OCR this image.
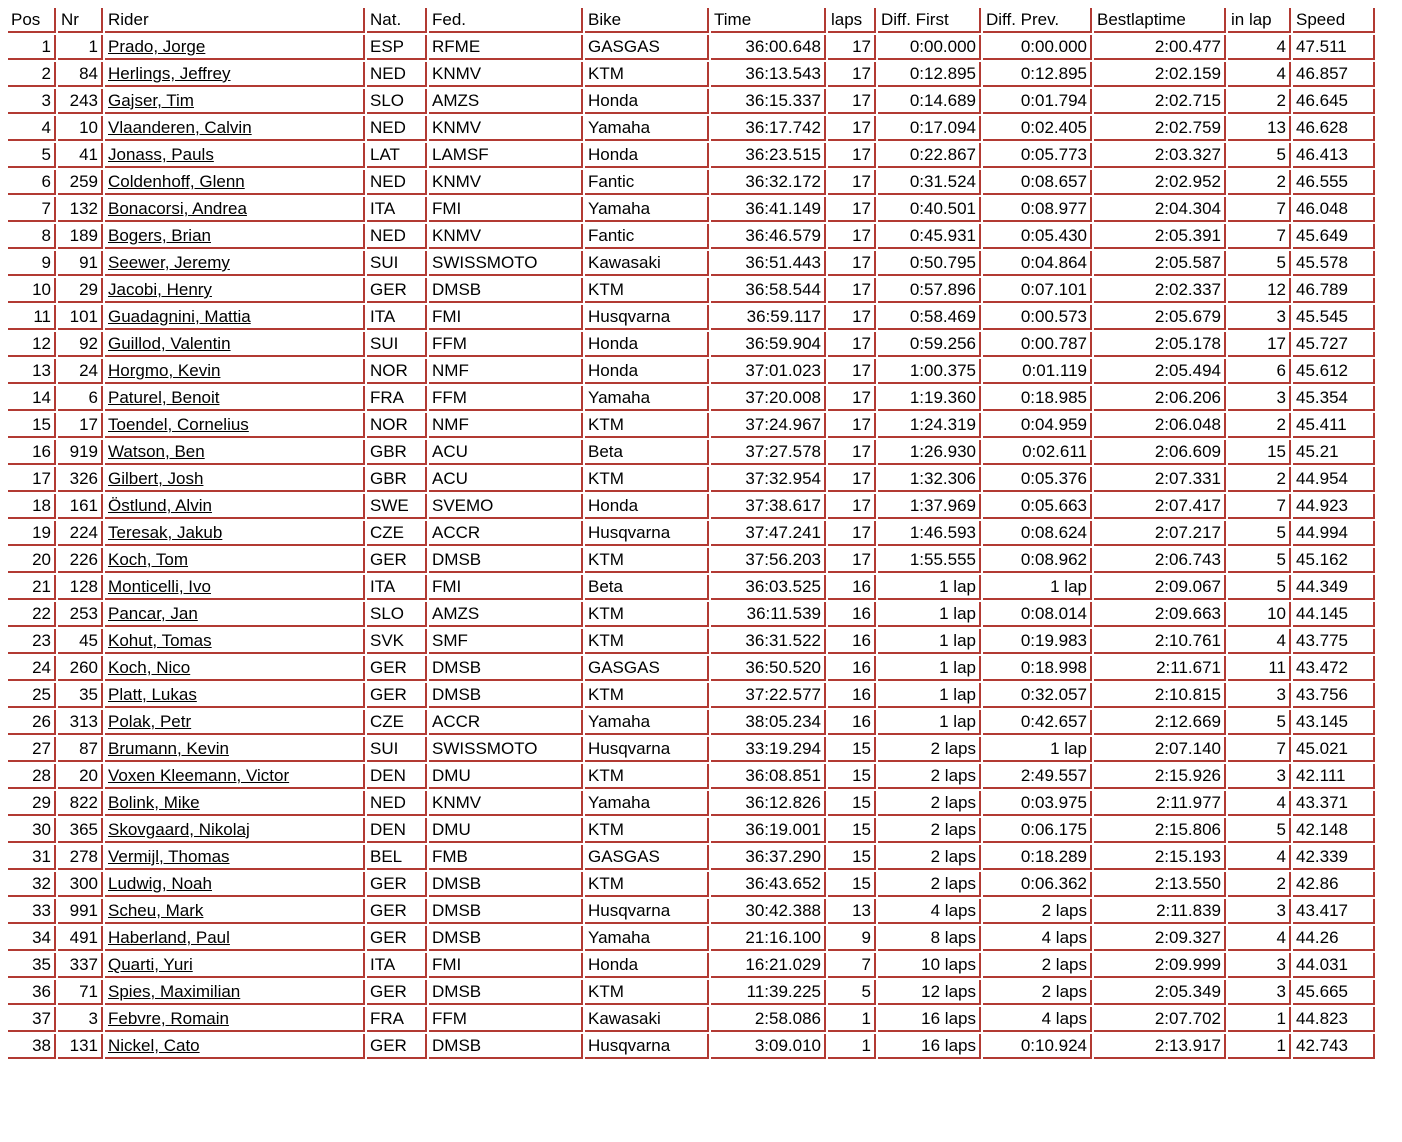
Pos	Nr	Rider	Nat.	Fed.	Bike	Time	laps	Diff. First	Diff. Prev.	Bestlaptime	in lap	Speed
1	1	Prado, Jorge	ESP	RFME	GASGAS	36:00.648	17	0:00.000	0:00.000	2:00.477	4	47.511
2	84	Herlings, Jeffrey	NED	KNMV	KTM	36:13.543	17	0:12.895	0:12.895	2:02.159	4	46.857
3	243	Gajser, Tim	SLO	AMZS	Honda	36:15.337	17	0:14.689	0:01.794	2:02.715	2	46.645
4	10	Vlaanderen, Calvin	NED	KNMV	Yamaha	36:17.742	17	0:17.094	0:02.405	2:02.759	13	46.628
5	41	Jonass, Pauls	LAT	LAMSF	Honda	36:23.515	17	0:22.867	0:05.773	2:03.327	5	46.413
6	259	Coldenhoff, Glenn	NED	KNMV	Fantic	36:32.172	17	0:31.524	0:08.657	2:02.952	2	46.555
7	132	Bonacorsi, Andrea	ITA	FMI	Yamaha	36:41.149	17	0:40.501	0:08.977	2:04.304	7	46.048
8	189	Bogers, Brian	NED	KNMV	Fantic	36:46.579	17	0:45.931	0:05.430	2:05.391	7	45.649
9	91	Seewer, Jeremy	SUI	SWISSMOTO	Kawasaki	36:51.443	17	0:50.795	0:04.864	2:05.587	5	45.578
10	29	Jacobi, Henry	GER	DMSB	KTM	36:58.544	17	0:57.896	0:07.101	2:02.337	12	46.789
11	101	Guadagnini, Mattia	ITA	FMI	Husqvarna	36:59.117	17	0:58.469	0:00.573	2:05.679	3	45.545
12	92	Guillod, Valentin	SUI	FFM	Honda	36:59.904	17	0:59.256	0:00.787	2:05.178	17	45.727
13	24	Horgmo, Kevin	NOR	NMF	Honda	37:01.023	17	1:00.375	0:01.119	2:05.494	6	45.612
14	6	Paturel, Benoit	FRA	FFM	Yamaha	37:20.008	17	1:19.360	0:18.985	2:06.206	3	45.354
15	17	Toendel, Cornelius	NOR	NMF	KTM	37:24.967	17	1:24.319	0:04.959	2:06.048	2	45.411
16	919	Watson, Ben	GBR	ACU	Beta	37:27.578	17	1:26.930	0:02.611	2:06.609	15	45.21
17	326	Gilbert, Josh	GBR	ACU	KTM	37:32.954	17	1:32.306	0:05.376	2:07.331	2	44.954
18	161	Östlund, Alvin	SWE	SVEMO	Honda	37:38.617	17	1:37.969	0:05.663	2:07.417	7	44.923
19	224	Teresak, Jakub	CZE	ACCR	Husqvarna	37:47.241	17	1:46.593	0:08.624	2:07.217	5	44.994
20	226	Koch, Tom	GER	DMSB	KTM	37:56.203	17	1:55.555	0:08.962	2:06.743	5	45.162
21	128	Monticelli, Ivo	ITA	FMI	Beta	36:03.525	16	1 lap	1 lap	2:09.067	5	44.349
22	253	Pancar, Jan	SLO	AMZS	KTM	36:11.539	16	1 lap	0:08.014	2:09.663	10	44.145
23	45	Kohut, Tomas	SVK	SMF	KTM	36:31.522	16	1 lap	0:19.983	2:10.761	4	43.775
24	260	Koch, Nico	GER	DMSB	GASGAS	36:50.520	16	1 lap	0:18.998	2:11.671	11	43.472
25	35	Platt, Lukas	GER	DMSB	KTM	37:22.577	16	1 lap	0:32.057	2:10.815	3	43.756
26	313	Polak, Petr	CZE	ACCR	Yamaha	38:05.234	16	1 lap	0:42.657	2:12.669	5	43.145
27	87	Brumann, Kevin	SUI	SWISSMOTO	Husqvarna	33:19.294	15	2 laps	1 lap	2:07.140	7	45.021
28	20	Voxen Kleemann, Victor	DEN	DMU	KTM	36:08.851	15	2 laps	2:49.557	2:15.926	3	42.111
29	822	Bolink, Mike	NED	KNMV	Yamaha	36:12.826	15	2 laps	0:03.975	2:11.977	4	43.371
30	365	Skovgaard, Nikolaj	DEN	DMU	KTM	36:19.001	15	2 laps	0:06.175	2:15.806	5	42.148
31	278	Vermijl, Thomas	BEL	FMB	GASGAS	36:37.290	15	2 laps	0:18.289	2:15.193	4	42.339
32	300	Ludwig, Noah	GER	DMSB	KTM	36:43.652	15	2 laps	0:06.362	2:13.550	2	42.86
33	991	Scheu, Mark	GER	DMSB	Husqvarna	30:42.388	13	4 laps	2 laps	2:11.839	3	43.417
34	491	Haberland, Paul	GER	DMSB	Yamaha	21:16.100	9	8 laps	4 laps	2:09.327	4	44.26
35	337	Quarti, Yuri	ITA	FMI	Honda	16:21.029	7	10 laps	2 laps	2:09.999	3	44.031
36	71	Spies, Maximilian	GER	DMSB	KTM	11:39.225	5	12 laps	2 laps	2:05.349	3	45.665
37	3	Febvre, Romain	FRA	FFM	Kawasaki	2:58.086	1	16 laps	4 laps	2:07.702	1	44.823
38	131	Nickel, Cato	GER	DMSB	Husqvarna	3:09.010	1	16 laps	0:10.924	2:13.917	1	42.743
